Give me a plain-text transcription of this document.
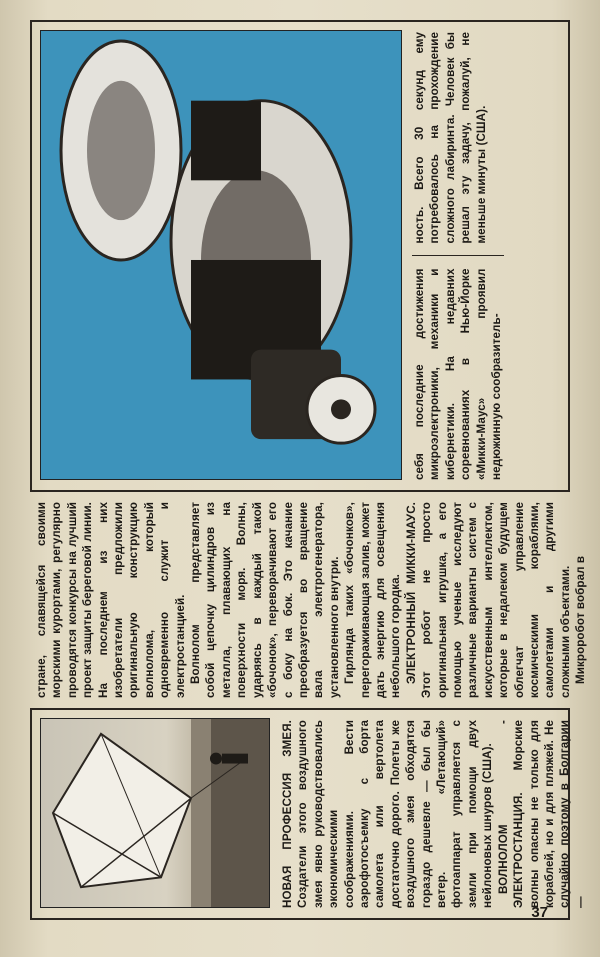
НОВАЯ ПРОФЕССИЯ ЗМЕЯ. Создатели этого воздушного змея явно руководствовались экономическими соображениями. Вести аэрофотосъемку с борта самолета или вертолета достаточно дорого. Полеты же воздушного змея обходятся гораздо дешевле — был бы ветер. «Летающий» фотоаппарат управляется с земли при помощи двух нейлоновых шнуров (США). ВОЛНОЛОМ - ЭЛЕКТРОСТАНЦИЯ. Морские волны опасны не только для кораблей, но и для пляжей. Не случайно поэтому в Болгарии —

стране, славящейся своими морскими курортами, регулярно проводятся конкурсы на лучший проект защиты береговой линии. На последнем из них изобретатели предложили оригинальную конструкцию волнолома, который одновременно служит и электростанцией. Волнолом представляет собой цепочку цилиндров из металла, плавающих на поверхности моря. Волны, ударяясь в каждый такой «бочонок», переворачивают его с боку на бок. Это качание преобразуется во вращение вала электрогенератора, установленного внутри. Гирлянда таких «бочонков», перегораживающая залив, может дать энергию для освещения небольшого городка. ЭЛЕКТРОННЫЙ МИККИ-МАУС. Этот робот не просто оригинальная игрушка, а его помощью ученые исследуют различные варианты систем с искусственным интеллектом, которые в недалеком будущем облегчат управление космическими кораблями, самолетами и другими сложными объектами. Микроробот вобрал в

себя последние достижения микроэлектроники, механики и кибернетики. На недавних соревнованиях в Нью-Йорке «Микки-Маус» проявил недюжинную сообразитель-

ность. Всего 30 секунд ему потребовалось на прохождение сложного лабиринта. Человек бы решал эту задачу, пожалуй, не меньше минуты (США).

37
